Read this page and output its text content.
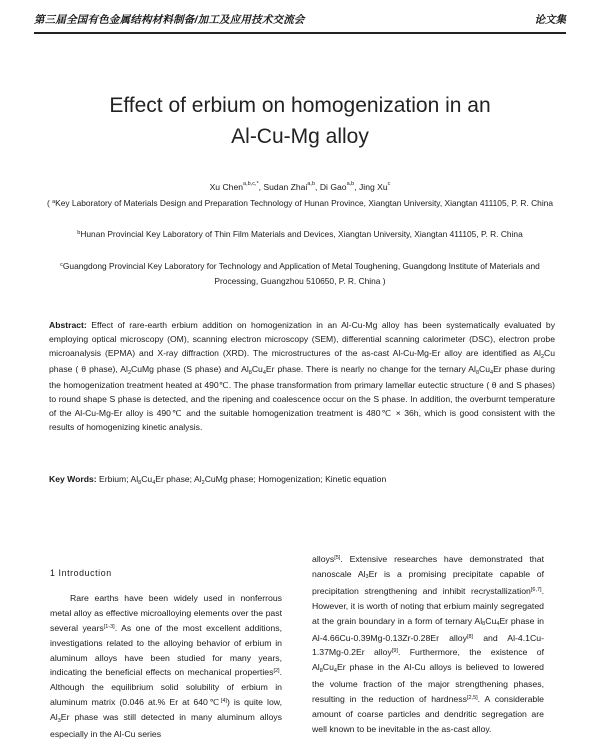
第三届全国有色金属结构材料制备/加工及应用技术交流会	论文集
Effect of erbium on homogenization in an
Al-Cu-Mg alloy
Xu Chen$^{a,b,c,*}$, Sudan Zhai$^{a,b}$, Di Gao$^{a,b}$, Jing Xu$^c$
( $^a$Key Laboratory of Materials Design and Preparation Technology of Hunan Province, Xiangtan University, Xiangtan 411105, P. R. China
$^b$Hunan Provincial Key Laboratory of Thin Film Materials and Devices, Xiangtan University, Xiangtan 411105, P. R. China
$^c$Guangdong Provincial Key Laboratory for Technology and Application of Metal Toughening, Guangdong Institute of Materials and Processing, Guangzhou 510650, P. R. China )
Abstract: Effect of rare-earth erbium addition on homogenization in an Al-Cu-Mg alloy has been systematically evaluated by employing optical microscopy (OM), scanning electron microscopy (SEM), differential scanning calorimeter (DSC), electron probe microanalysis (EPMA) and X-ray diffraction (XRD). The microstructures of the as-cast Al-Cu-Mg-Er alloy are identified as $Al_2Cu$ phase ( θ phase), $Al_2CuMg$ phase (S phase) and $Al_8Cu_4Er$ phase. There is nearly no change for the ternary $Al_8Cu_4Er$ phase during the homogenization treatment heated at 490℃. The phase transformation from primary lamellar eutectic structure ( θ and S phases) to round shape S phase is detected, and the ripening and coalescence occur on the S phase. In addition, the overburnt temperature of the Al-Cu-Mg-Er alloy is 490℃ and the suitable homogenization treatment is 480℃ × 36h, which is good consistent with the results of homogenizing kinetic analysis.
Key Words: Erbium; $Al_8Cu_4Er$ phase; $Al_2CuMg$ phase; Homogenization; Kinetic equation
1 Introduction

Rare earths have been widely used in nonferrous metal alloy as effective microalloying elements over the past several years[1-3]. As one of the most excellent additions, investigations related to the alloying behavior of erbium in aluminum alloys have been studied for many years, indicating the beneficial effects on mechanical properties[2]. Although the equilibrium solid solubility of erbium in aluminum matrix (0.046 at.% Er at 640℃[4]) is quite low, $Al_3Er$ phase was still detected in many aluminum alloys especially in the Al-Cu series

alloys[5]. Extensive researches have demonstrated that nanoscale $Al_3Er$ is a promising precipitate capable of precipitation strengthening and inhibit recrystallization[6,7]. However, it is worth of noting that erbium mainly segregated at the grain boundary in a form of ternary $Al_8Cu_4Er$ phase in Al-4.66Cu-0.39Mg-0.13Zr-0.28Er alloy[8] and Al-4.1Cu-1.37Mg-0.2Er alloy[9]. Furthermore, the existence of $Al_8Cu_4Er$ phase in the Al-Cu alloys is believed to lowered the volume fraction of the major strengthening phases, resulting in the reduction of hardness[2,5]. A considerable amount of coarse particles and dendritic segregation are well known to be inevitable in the as-cast alloy.
